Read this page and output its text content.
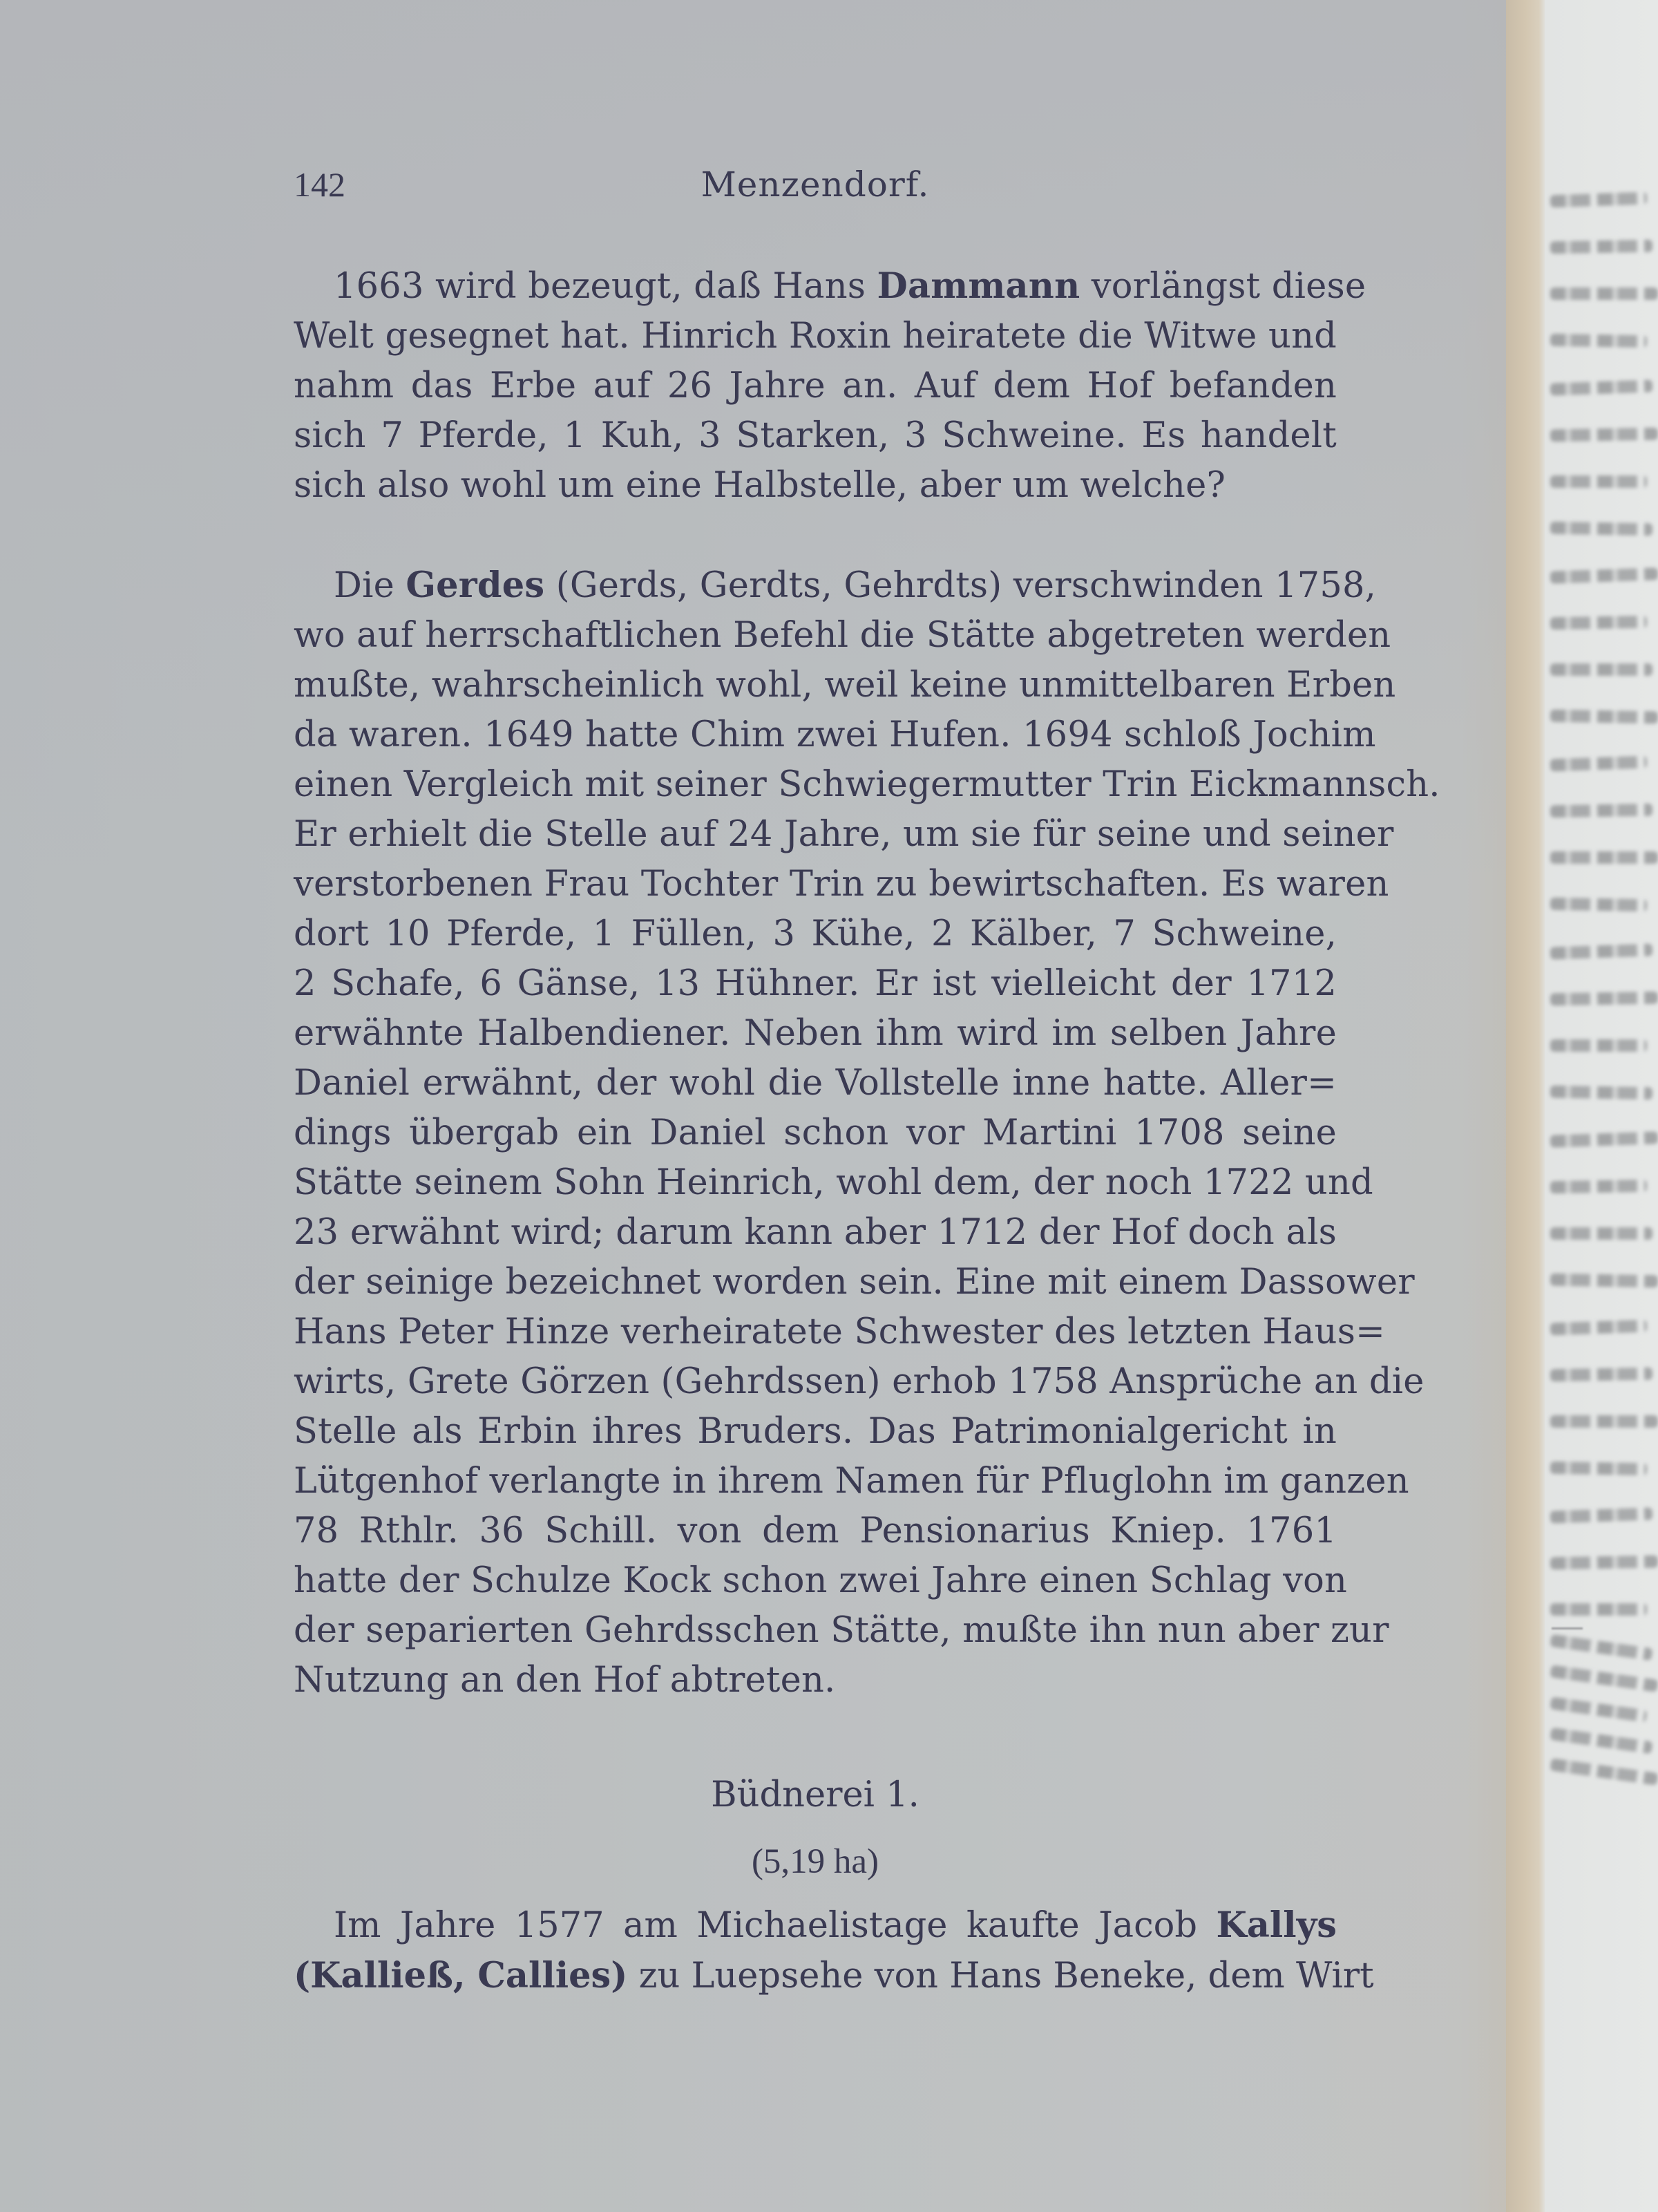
142	Menzendorf.
1663 wird bezeugt, daß Hans Dammann vorlängst diese
Welt gesegnet hat. Hinrich Roxin heiratete die Witwe und
nahm das Erbe auf 26 Jahre an. Auf dem Hof befanden
sich 7 Pferde, 1 Kuh, 3 Starken, 3 Schweine. Es handelt
sich also wohl um eine Halbstelle, aber um welche?
Die Gerdes (Gerds, Gerdts, Gehrdts) verschwinden 1758,
wo auf herrschaftlichen Befehl die Stätte abgetreten werden
mußte, wahrscheinlich wohl, weil keine unmittelbaren Erben
da waren. 1649 hatte Chim zwei Hufen. 1694 schloß Jochim
einen Vergleich mit seiner Schwiegermutter Trin Eickmannsch.
Er erhielt die Stelle auf 24 Jahre, um sie für seine und seiner
verstorbenen Frau Tochter Trin zu bewirtschaften. Es waren
dort 10 Pferde, 1 Füllen, 3 Kühe, 2 Kälber, 7 Schweine,
2 Schafe, 6 Gänse, 13 Hühner. Er ist vielleicht der 1712
erwähnte Halbendiener. Neben ihm wird im selben Jahre
Daniel erwähnt, der wohl die Vollstelle inne hatte. Aller=
dings übergab ein Daniel schon vor Martini 1708 seine
Stätte seinem Sohn Heinrich, wohl dem, der noch 1722 und
23 erwähnt wird; darum kann aber 1712 der Hof doch als
der seinige bezeichnet worden sein. Eine mit einem Dassower
Hans Peter Hinze verheiratete Schwester des letzten Haus=
wirts, Grete Görzen (Gehrdssen) erhob 1758 Ansprüche an die
Stelle als Erbin ihres Bruders. Das Patrimonialgericht in
Lütgenhof verlangte in ihrem Namen für Pfluglohn im ganzen
78 Rthlr. 36 Schill. von dem Pensionarius Kniep. 1761
hatte der Schulze Kock schon zwei Jahre einen Schlag von
der separierten Gehrdsschen Stätte, mußte ihn nun aber zur
Nutzung an den Hof abtreten.
Büdnerei 1.
(5,19 ha)
Im Jahre 1577 am Michaelistage kaufte Jacob Kallys
(Kalließ, Callies) zu Luepsehe von Hans Beneke, dem Wirt
